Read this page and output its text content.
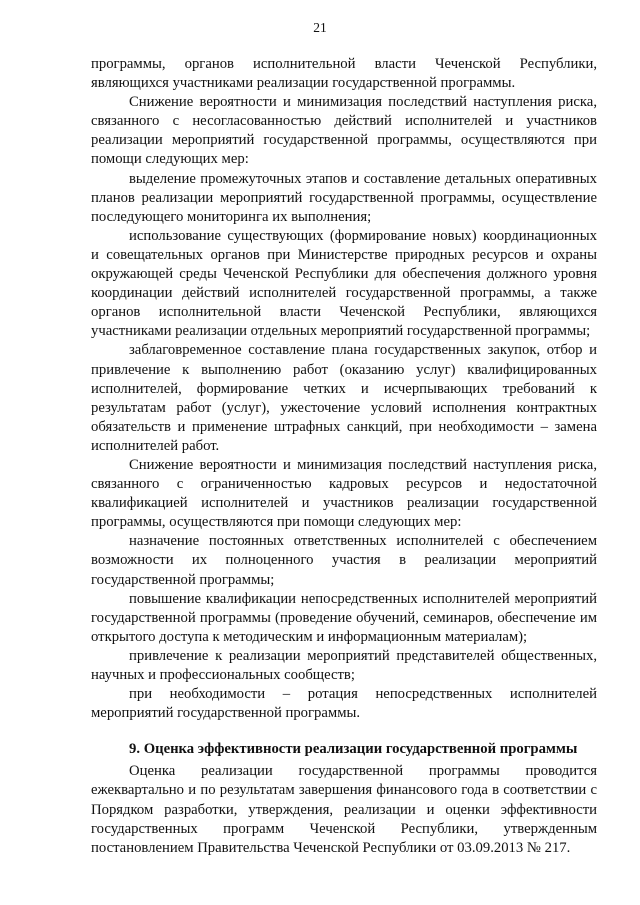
21

программы, органов исполнительной власти Чеченской Республики, являющихся участниками реализации государственной программы.

Снижение вероятности и минимизация последствий наступления риска, связанного с несогласованностью действий исполнителей и участников реализации мероприятий государственной программы, осуществляются при помощи следующих мер:

выделение промежуточных этапов и составление детальных оперативных планов реализации мероприятий государственной программы, осуществление последующего мониторинга их выполнения;

использование существующих (формирование новых) координационных и совещательных органов при Министерстве природных ресурсов и охраны окружающей среды Чеченской Республики для обеспечения должного уровня координации действий исполнителей государственной программы, а также органов исполнительной власти Чеченской Республики, являющихся участниками реализации отдельных мероприятий государственной программы;

заблаговременное составление плана государственных закупок, отбор и привлечение к выполнению работ (оказанию услуг) квалифицированных исполнителей, формирование четких и исчерпывающих требований к результатам работ (услуг), ужесточение условий исполнения контрактных обязательств и применение штрафных санкций, при необходимости – замена исполнителей работ.

Снижение вероятности и минимизация последствий наступления риска, связанного с ограниченностью кадровых ресурсов и недостаточной квалификацией исполнителей и участников реализации государственной программы, осуществляются при помощи следующих мер:

назначение постоянных ответственных исполнителей с обеспечением возможности их полноценного участия в реализации мероприятий государственной программы;

повышение квалификации непосредственных исполнителей мероприятий государственной программы (проведение обучений, семинаров, обеспечение им открытого доступа к методическим и информационным материалам);

привлечение к реализации мероприятий представителей общественных, научных и профессиональных сообществ;

при необходимости – ротация непосредственных исполнителей мероприятий государственной программы.

9. Оценка эффективности реализации государственной программы

Оценка реализации государственной программы проводится ежеквартально и по результатам завершения финансового года в соответствии с Порядком разработки, утверждения, реализации и оценки эффективности государственных программ Чеченской Республики, утвержденным постановлением Правительства Чеченской Республики от 03.09.2013 № 217.
